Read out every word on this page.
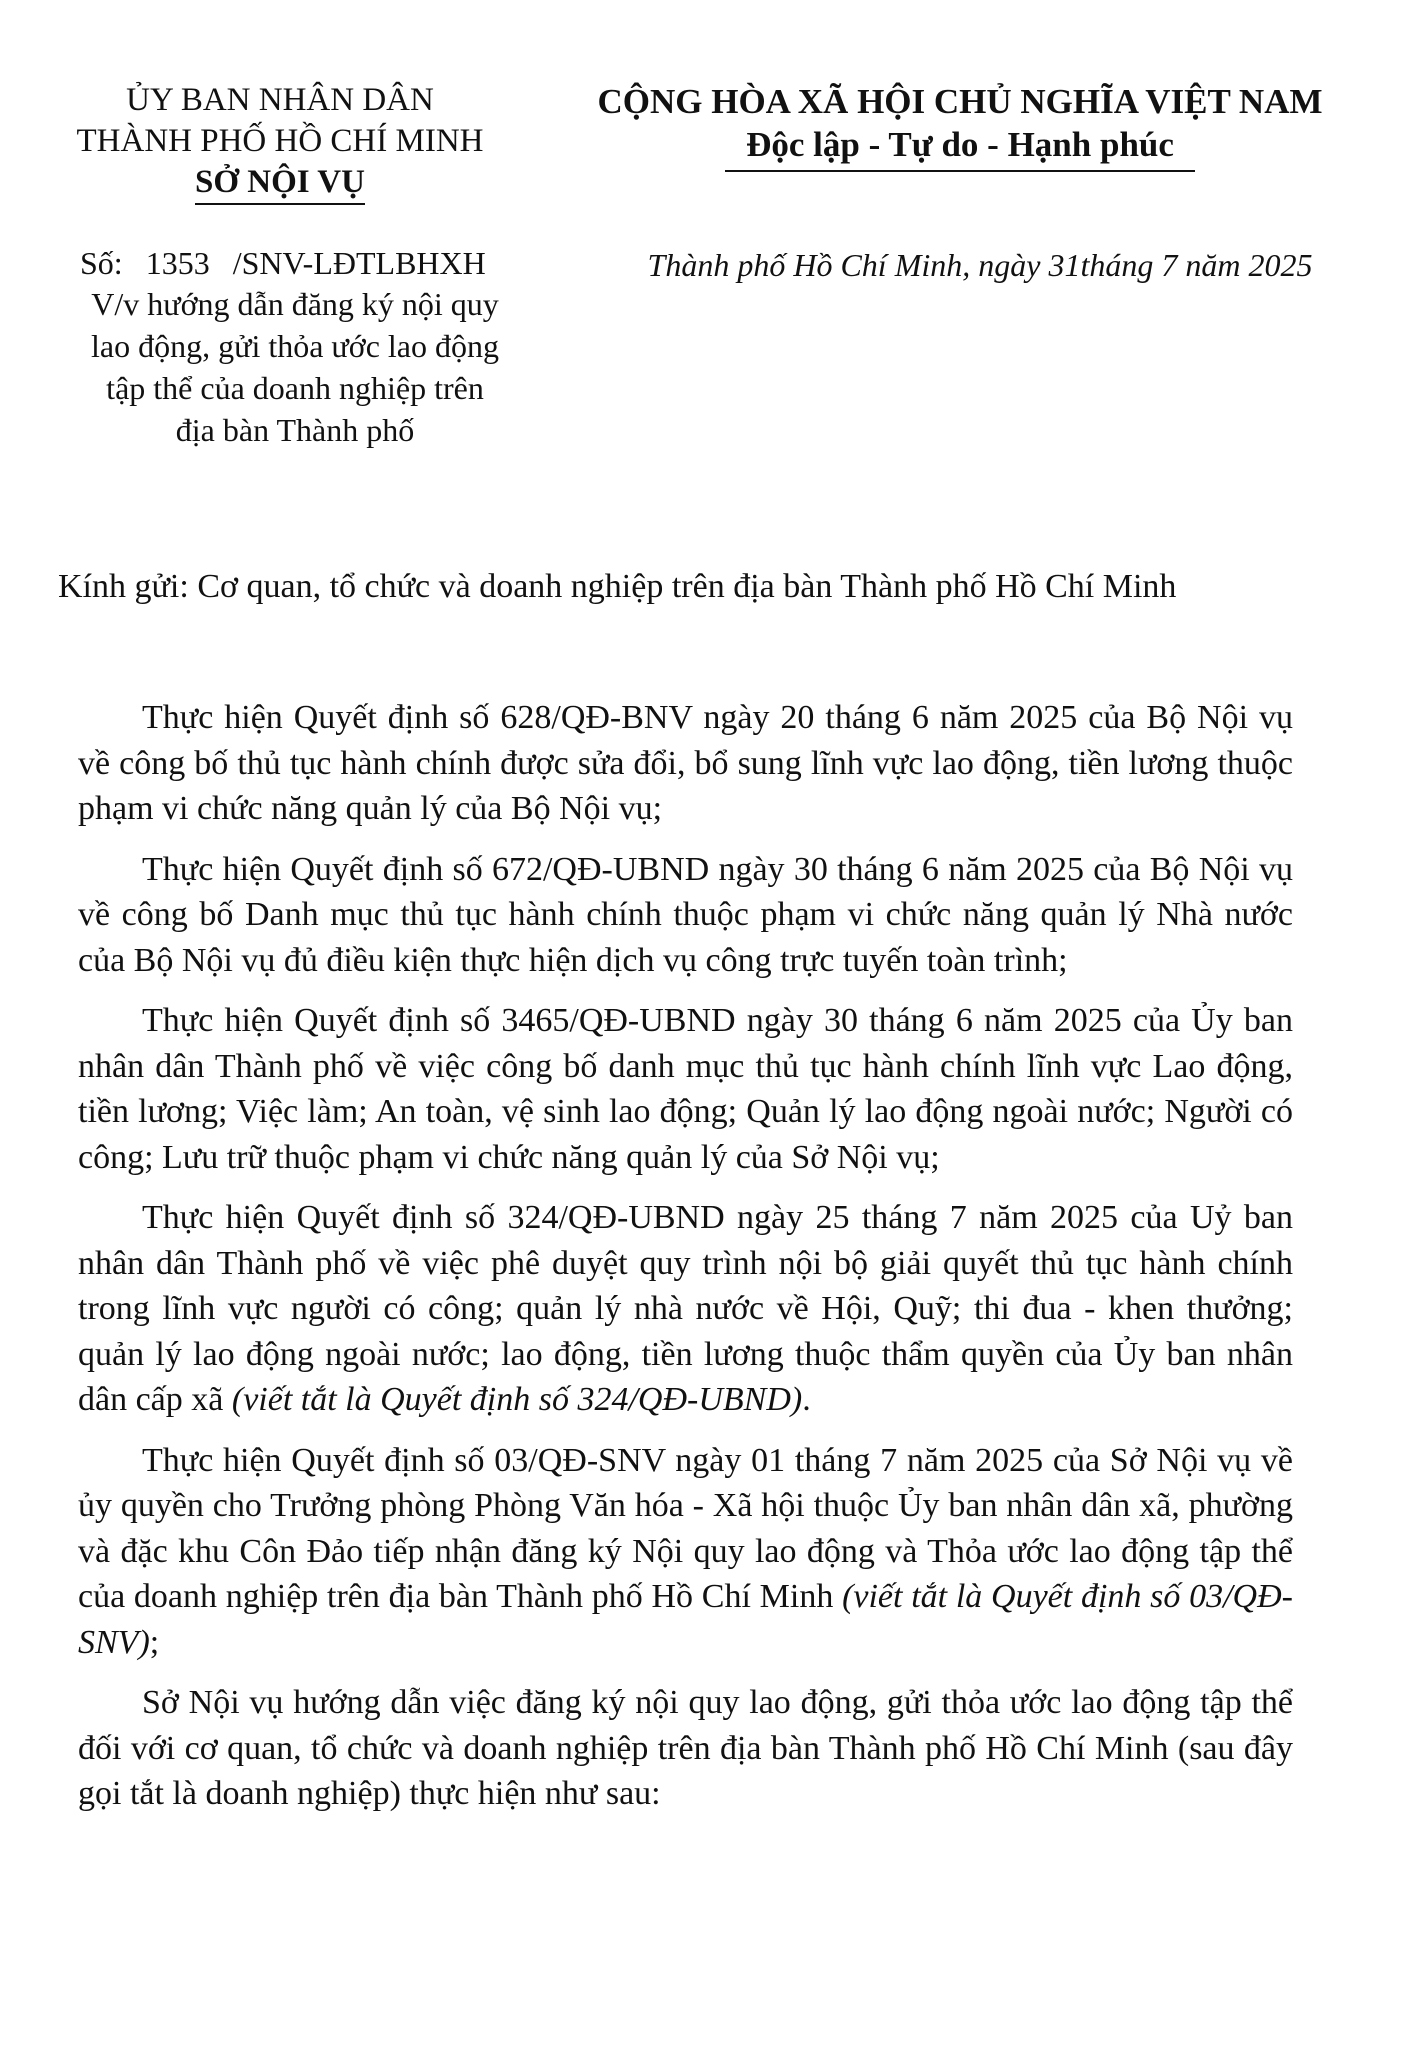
ỦY BAN NHÂN DÂN
THÀNH PHỐ HỒ CHÍ MINH
SỞ NỘI VỤ
CỘNG HÒA XÃ HỘI CHỦ NGHĨA VIỆT NAM
Độc lập - Tự do - Hạnh phúc
Số: 1353 /SNV-LĐTLBHXH
V/v hướng dẫn đăng ký nội quy
lao động, gửi thỏa ước lao động
tập thể của doanh nghiệp trên
địa bàn Thành phố
Thành phố Hồ Chí Minh, ngày 31tháng 7 năm 2025
Kính gửi: Cơ quan, tổ chức và doanh nghiệp trên địa bàn Thành phố Hồ Chí Minh

Thực hiện Quyết định số 628/QĐ-BNV ngày 20 tháng 6 năm 2025 của Bộ Nội vụ về công bố thủ tục hành chính được sửa đổi, bổ sung lĩnh vực lao động, tiền lương thuộc phạm vi chức năng quản lý của Bộ Nội vụ;

Thực hiện Quyết định số 672/QĐ-UBND ngày 30 tháng 6 năm 2025 của Bộ Nội vụ về công bố Danh mục thủ tục hành chính thuộc phạm vi chức năng quản lý Nhà nước của Bộ Nội vụ đủ điều kiện thực hiện dịch vụ công trực tuyến toàn trình;

Thực hiện Quyết định số 3465/QĐ-UBND ngày 30 tháng 6 năm 2025 của Ủy ban nhân dân Thành phố về việc công bố danh mục thủ tục hành chính lĩnh vực Lao động, tiền lương; Việc làm; An toàn, vệ sinh lao động; Quản lý lao động ngoài nước; Người có công; Lưu trữ thuộc phạm vi chức năng quản lý của Sở Nội vụ;

Thực hiện Quyết định số 324/QĐ-UBND ngày 25 tháng 7 năm 2025 của Uỷ ban nhân dân Thành phố về việc phê duyệt quy trình nội bộ giải quyết thủ tục hành chính trong lĩnh vực người có công; quản lý nhà nước về Hội, Quỹ; thi đua - khen thưởng; quản lý lao động ngoài nước; lao động, tiền lương thuộc thẩm quyền của Ủy ban nhân dân cấp xã (viết tắt là Quyết định số 324/QĐ-UBND).

Thực hiện Quyết định số 03/QĐ-SNV ngày 01 tháng 7 năm 2025 của Sở Nội vụ về ủy quyền cho Trưởng phòng Phòng Văn hóa - Xã hội thuộc Ủy ban nhân dân xã, phường và đặc khu Côn Đảo tiếp nhận đăng ký Nội quy lao động và Thỏa ước lao động tập thể của doanh nghiệp trên địa bàn Thành phố Hồ Chí Minh (viết tắt là Quyết định số 03/QĐ-SNV);

Sở Nội vụ hướng dẫn việc đăng ký nội quy lao động, gửi thỏa ước lao động tập thể đối với cơ quan, tổ chức và doanh nghiệp trên địa bàn Thành phố Hồ Chí Minh (sau đây gọi tắt là doanh nghiệp) thực hiện như sau:
